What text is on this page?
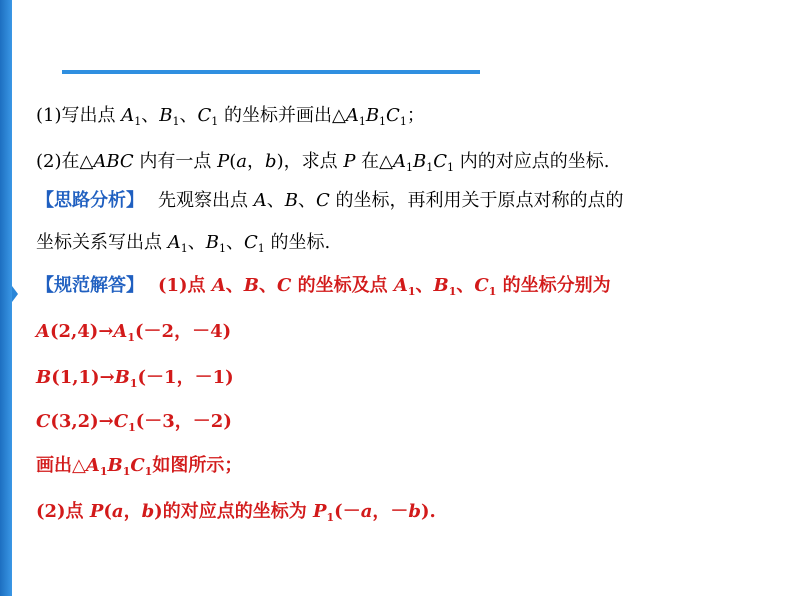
(1)写出点 $A_1$、$B_1$、$C_1$ 的坐标并画出$\triangle A_1B_1C_1$；
(2)在△ABC 内有一点 P(a，b)，求点 P 在$\triangle A_1B_1C_1$ 内的对应点的坐标.
【思路分析】 先观察出点 A、B、C 的坐标，再利用关于原点对称的点的
坐标关系写出点 $A_1$、$B_1$、$C_1$ 的坐标.
【规范解答】 (1)点 A、B、C 的坐标及点 $A_1$、$B_1$、$C_1$ 的坐标分别为
$A(2,4)\to A_1(-2$，－4)
$B(1,1)\to B_1(-1$，－1)
$C(3,2)\to C_1(-3$，－2)
画出$\triangle A_1B_1C_1$如图所示；
(2)点 P(a，b)的对应点的坐标为 $P_1(-a$，－b).
